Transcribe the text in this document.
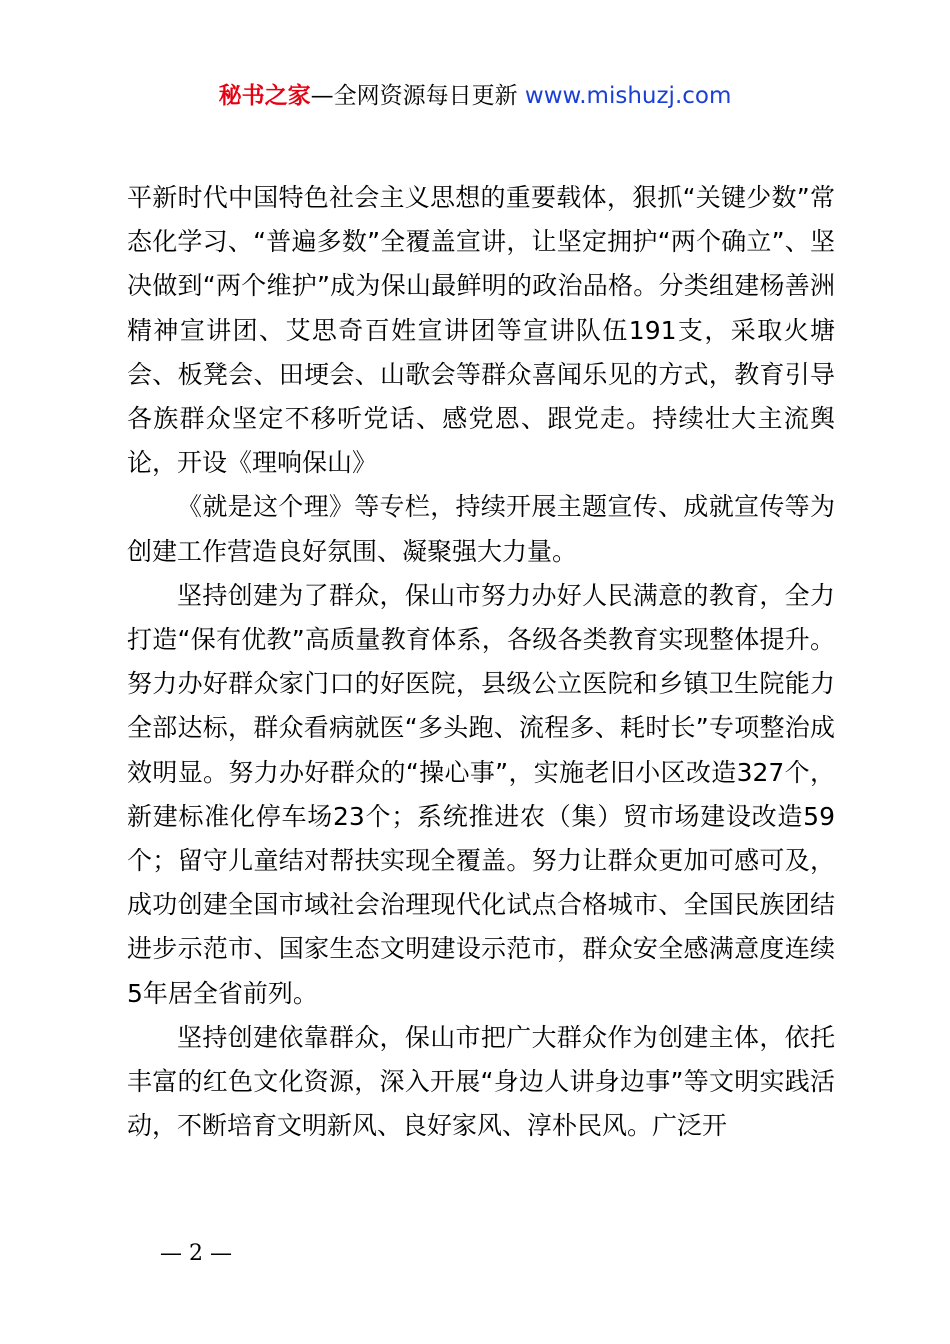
秘书之家—全网资源每日更新 www.mishuzj.com

平新时代中国特色社会主义思想的重要载体，狠抓“关键少数”常态化学习、“普遍多数”全覆盖宣讲，让坚定拥护“两个确立”、坚决做到“两个维护”成为保山最鲜明的政治品格。分类组建杨善洲精神宣讲团、艾思奇百姓宣讲团等宣讲队伍191支，采取火塘会、板凳会、田埂会、山歌会等群众喜闻乐见的方式，教育引导各族群众坚定不移听党话、感党恩、跟党走。持续壮大主流舆论，开设《理响保山》

《就是这个理》等专栏，持续开展主题宣传、成就宣传等为创建工作营造良好氛围、凝聚强大力量。

坚持创建为了群众，保山市努力办好人民满意的教育，全力打造“保有优教”高质量教育体系，各级各类教育实现整体提升。努力办好群众家门口的好医院，县级公立医院和乡镇卫生院能力全部达标，群众看病就医“多头跑、流程多、耗时长”专项整治成效明显。努力办好群众的“操心事”，实施老旧小区改造327个，新建标准化停车场23个；系统推进农（集）贸市场建设改造59个；留守儿童结对帮扶实现全覆盖。努力让群众更加可感可及，成功创建全国市域社会治理现代化试点合格城市、全国民族团结进步示范市、国家生态文明建设示范市，群众安全感满意度连续5年居全省前列。

坚持创建依靠群众，保山市把广大群众作为创建主体，依托丰富的红色文化资源，深入开展“身边人讲身边事”等文明实践活动，不断培育文明新风、良好家风、淳朴民风。广泛开

— 2 —
